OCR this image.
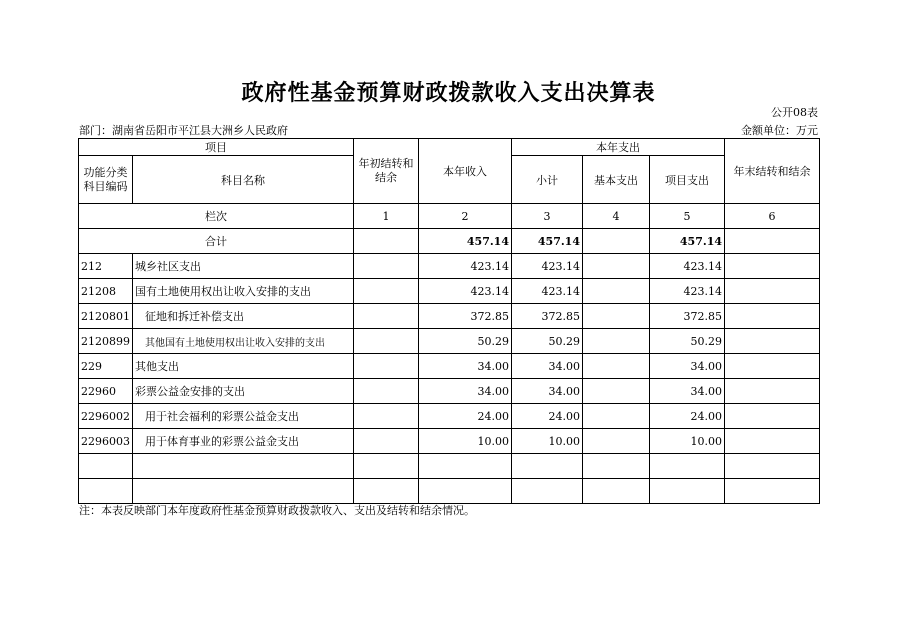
政府性基金预算财政拨款收入支出决算表
公开08表
部门：湖南省岳阳市平江县大洲乡人民政府	金额单位：万元
项目		年初结转和结余	本年收入	本年支出			年末结转和结余
功能分类科目编码	科目名称			小计	基本支出	项目支出	
栏次		1	2	3	4	5	6
合计			457.14	457.14		457.14	
212	城乡社区支出		423.14	423.14		423.14	
21208	国有土地使用权出让收入安排的支出		423.14	423.14		423.14	
2120801	征地和拆迁补偿支出		372.85	372.85		372.85	
2120899	其他国有土地使用权出让收入安排的支出		50.29	50.29		50.29	
229	其他支出		34.00	34.00		34.00	
22960	彩票公益金安排的支出		34.00	34.00		34.00	
2296002	用于社会福利的彩票公益金支出		24.00	24.00		24.00	
2296003	用于体育事业的彩票公益金支出		10.00	10.00		10.00	

注：本表反映部门本年度政府性基金预算财政拨款收入、支出及结转和结余情况。
